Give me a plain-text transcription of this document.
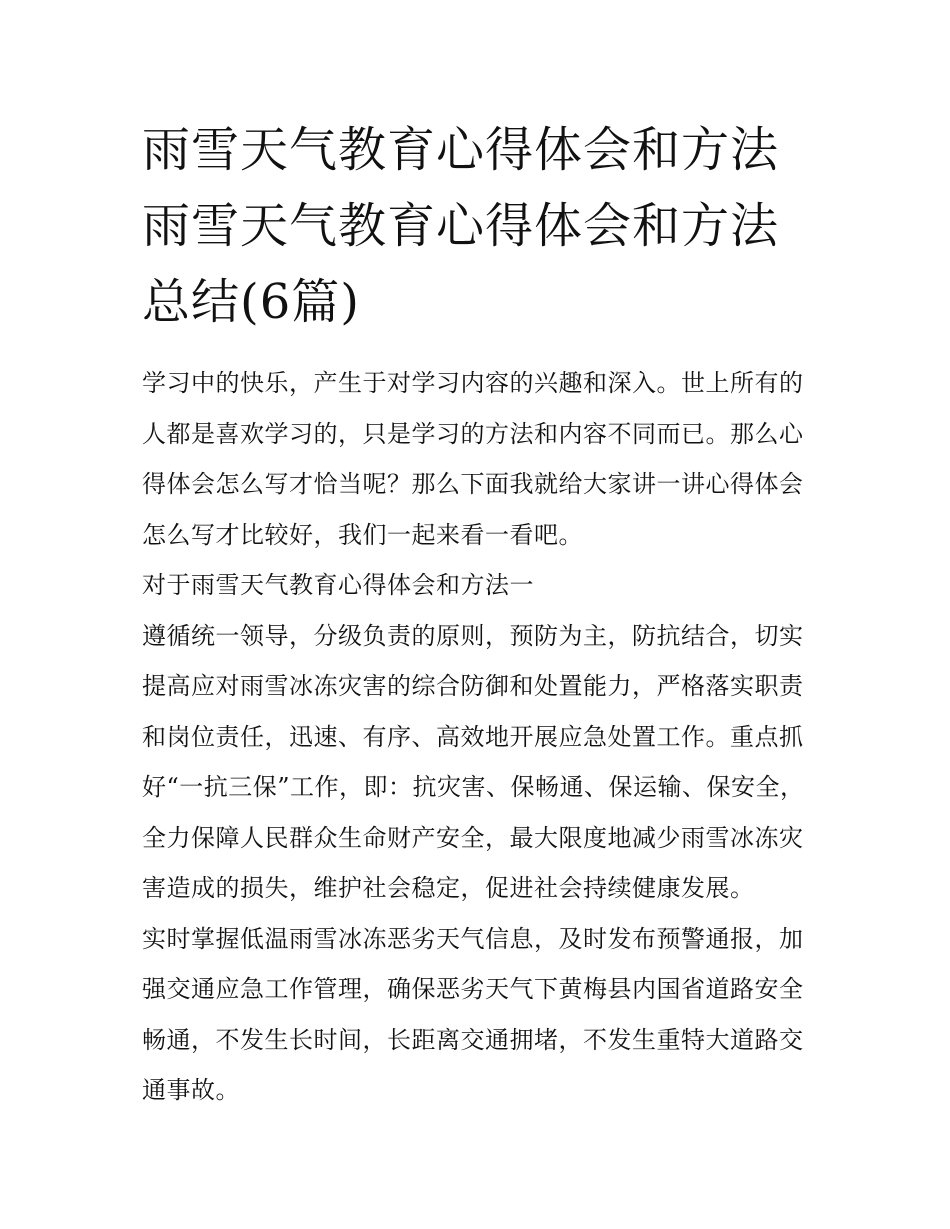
雨雪天气教育心得体会和方法
雨雪天气教育心得体会和方法
总结(6篇)

学习中的快乐，产生于对学习内容的兴趣和深入。世上所有的人都是喜欢学习的，只是学习的方法和内容不同而已。那么心得体会怎么写才恰当呢？那么下面我就给大家讲一讲心得体会怎么写才比较好，我们一起来看一看吧。

对于雨雪天气教育心得体会和方法一

遵循统一领导，分级负责的原则，预防为主，防抗结合，切实提高应对雨雪冰冻灾害的综合防御和处置能力，严格落实职责和岗位责任，迅速、有序、高效地开展应急处置工作。重点抓好“一抗三保”工作，即：抗灾害、保畅通、保运输、保安全，全力保障人民群众生命财产安全，最大限度地减少雨雪冰冻灾害造成的损失，维护社会稳定，促进社会持续健康发展。

实时掌握低温雨雪冰冻恶劣天气信息，及时发布预警通报，加强交通应急工作管理，确保恶劣天气下黄梅县内国省道路安全畅通，不发生长时间，长距离交通拥堵，不发生重特大道路交通事故。
